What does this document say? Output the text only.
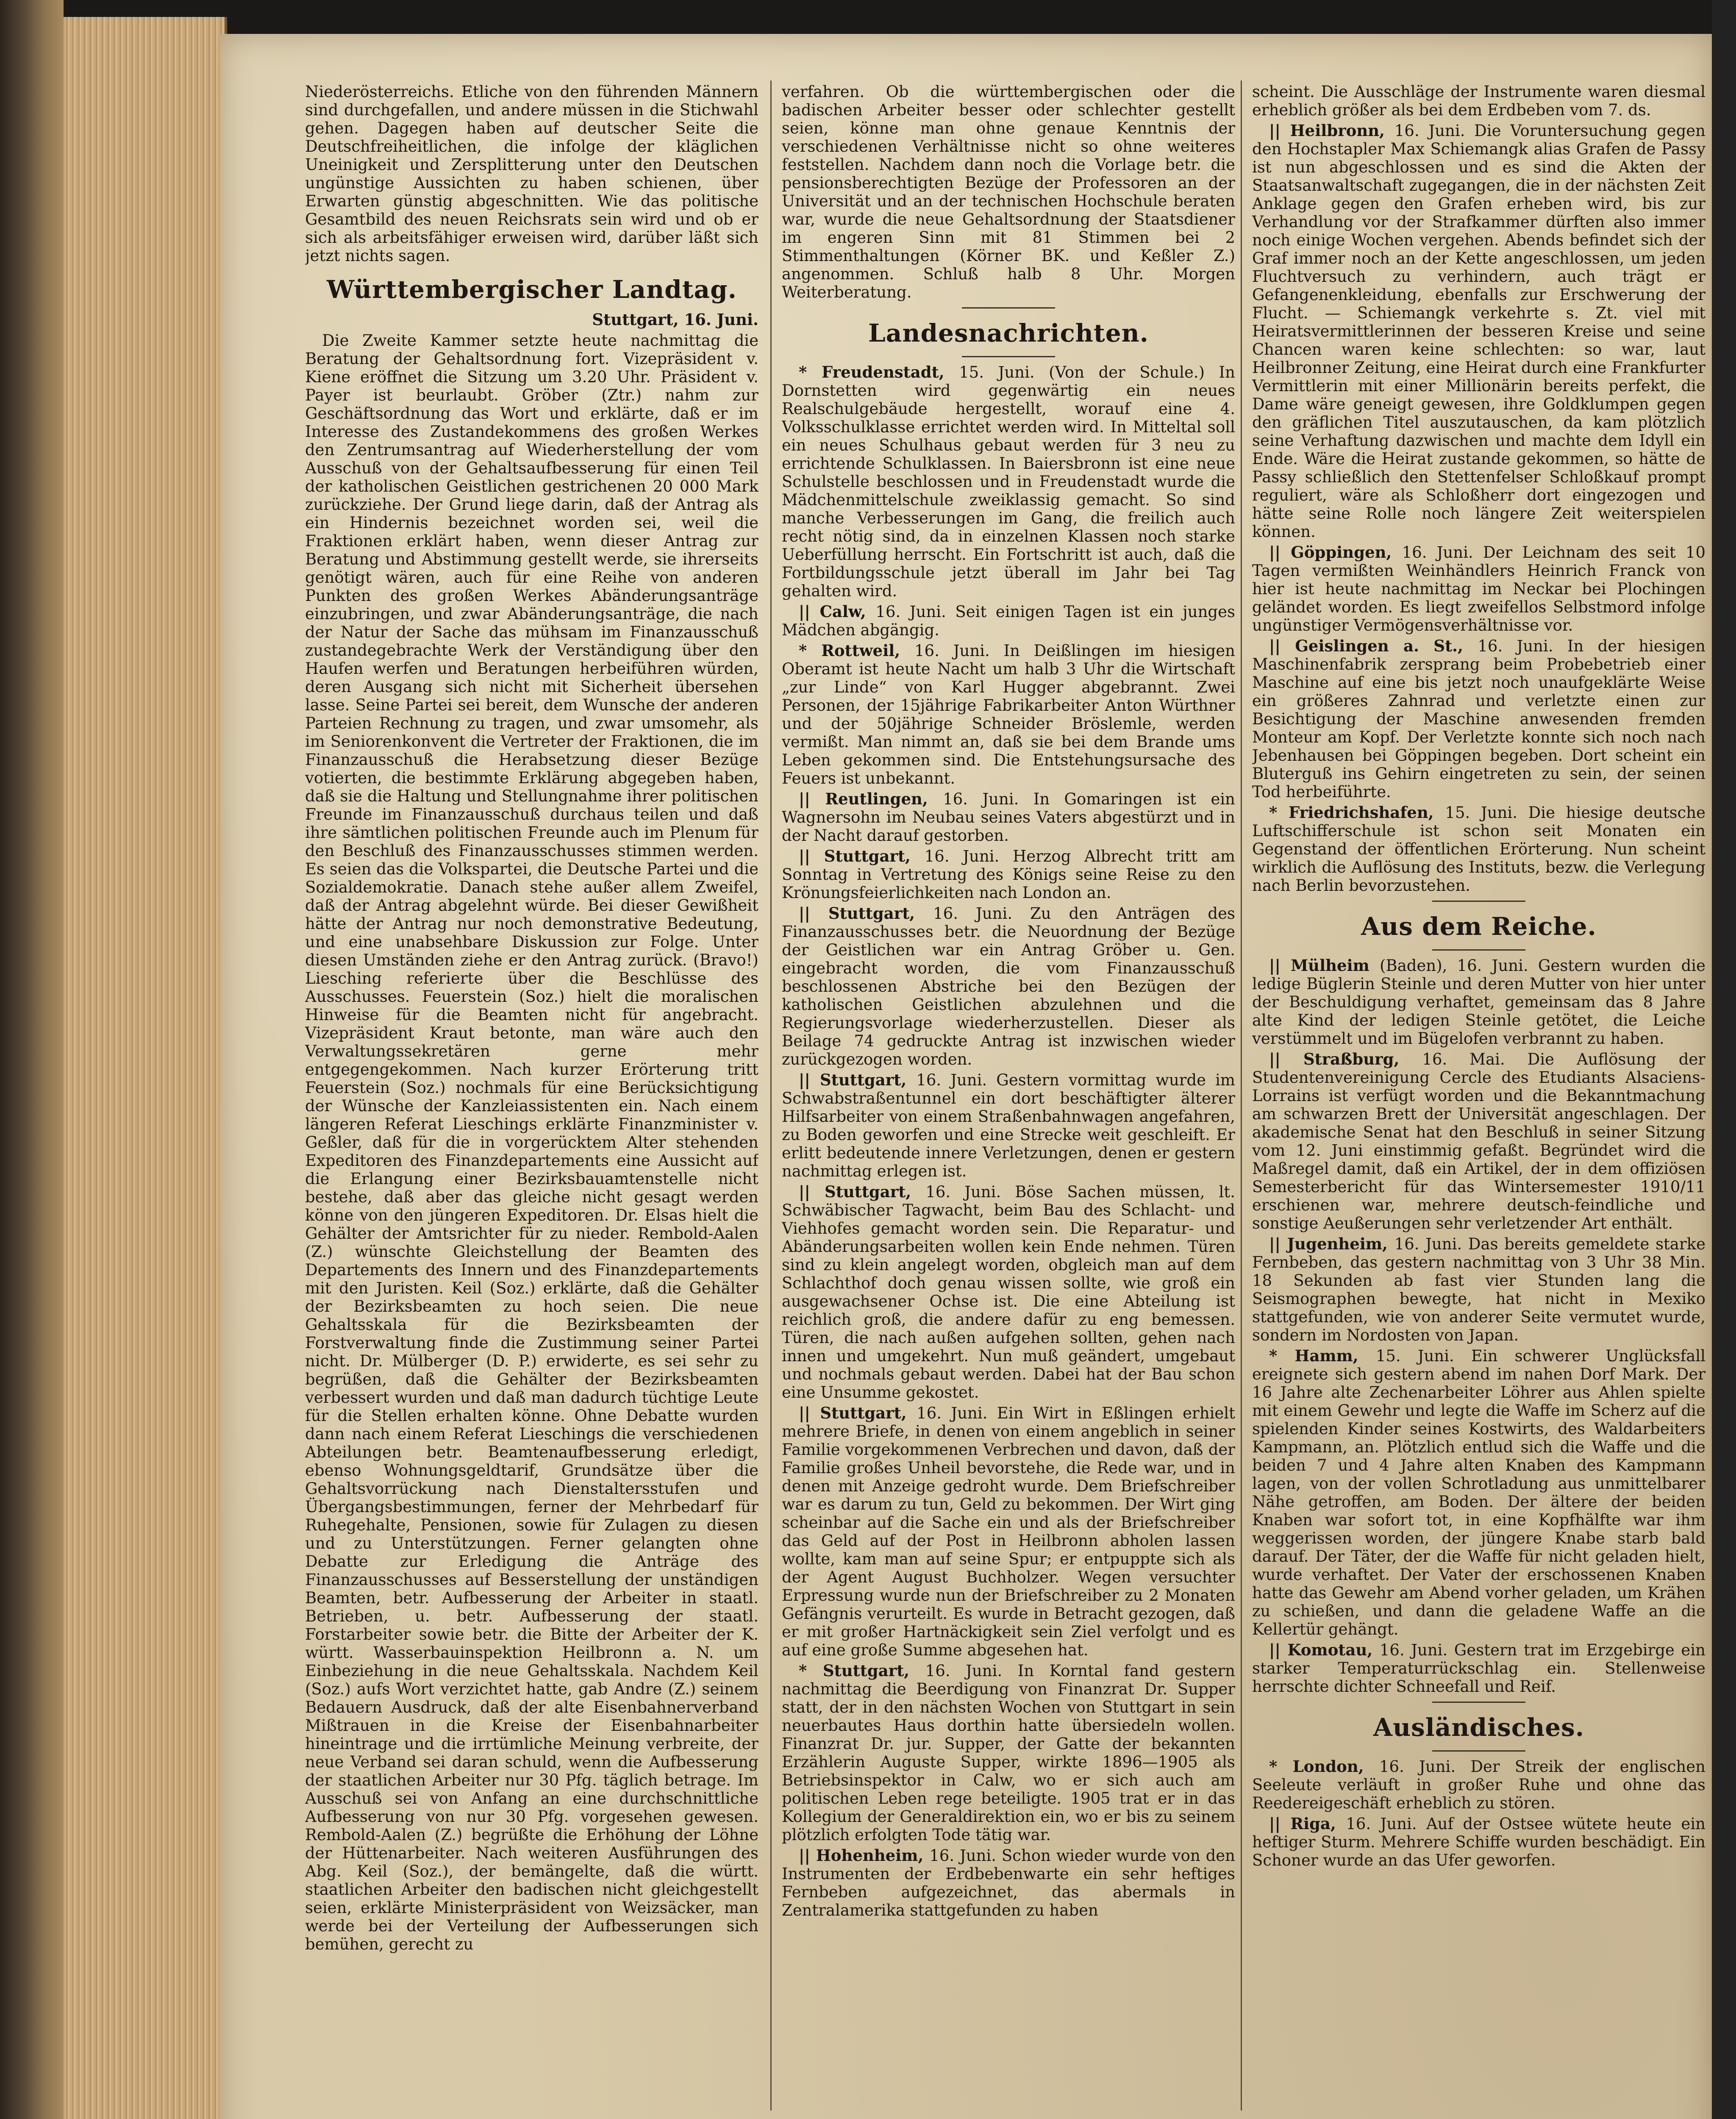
Niederösterreichs. Etliche von den führenden Männern sind durchgefallen, und andere müssen in die Stichwahl gehen. Dagegen haben auf deutscher Seite die Deutschfreiheitlichen, die infolge der kläglichen Uneinigkeit und Zersplitterung unter den Deutschen ungünstige Aussichten zu haben schienen, über Erwarten günstig abgeschnitten. Wie das politische Gesamtbild des neuen Reichsrats sein wird und ob er sich als arbeitsfähiger erweisen wird, darüber läßt sich jetzt nichts sagen.

Württembergischer Landtag.
Stuttgart, 16. Juni.

Die Zweite Kammer setzte heute nachmittag die Beratung der Gehaltsordnung fort. Vizepräsident v. Kiene eröffnet die Sitzung um 3.20 Uhr. Präsident v. Payer ist beurlaubt. Gröber (Ztr.) nahm zur Geschäftsordnung das Wort und erklärte, daß er im Interesse des Zustandekommens des großen Werkes den Zentrumsantrag auf Wiederherstellung der vom Ausschuß von der Gehaltsaufbesserung für einen Teil der katholischen Geistlichen gestrichenen 20 000 Mark zurückziehe. Der Grund liege darin, daß der Antrag als ein Hindernis bezeichnet worden sei, weil die Fraktionen erklärt haben, wenn dieser Antrag zur Beratung und Abstimmung gestellt werde, sie ihrerseits genötigt wären, auch für eine Reihe von anderen Punkten des großen Werkes Abänderungsanträge einzubringen, und zwar Abänderungsanträge, die nach der Natur der Sache das mühsam im Finanzausschuß zustandegebrachte Werk der Verständigung über den Haufen werfen und Beratungen herbeiführen würden, deren Ausgang sich nicht mit Sicherheit übersehen lasse. Seine Partei sei bereit, dem Wunsche der anderen Parteien Rechnung zu tragen, und zwar umsomehr, als im Seniorenkonvent die Vertreter der Fraktionen, die im Finanzausschuß die Herabsetzung dieser Bezüge votierten, die bestimmte Erklärung abgegeben haben, daß sie die Haltung und Stellungnahme ihrer politischen Freunde im Finanzausschuß durchaus teilen und daß ihre sämtlichen politischen Freunde auch im Plenum für den Beschluß des Finanzausschusses stimmen werden. Es seien das die Volkspartei, die Deutsche Partei und die Sozialdemokratie. Danach stehe außer allem Zweifel, daß der Antrag abgelehnt würde. Bei dieser Gewißheit hätte der Antrag nur noch demonstrative Bedeutung, und eine unabsehbare Diskussion zur Folge. Unter diesen Umständen ziehe er den Antrag zurück. (Bravo!) Liesching referierte über die Beschlüsse des Ausschusses. Feuerstein (Soz.) hielt die moralischen Hinweise für die Beamten nicht für angebracht. Vizepräsident Kraut betonte, man wäre auch den Verwaltungssekretären gerne mehr entgegengekommen. Nach kurzer Erörterung tritt Feuerstein (Soz.) nochmals für eine Berücksichtigung der Wünsche der Kanzleiassistenten ein. Nach einem längeren Referat Lieschings erklärte Finanzminister v. Geßler, daß für die in vorgerücktem Alter stehenden Expeditoren des Finanzdepartements eine Aussicht auf die Erlangung einer Bezirksbauamtenstelle nicht bestehe, daß aber das gleiche nicht gesagt werden könne von den jüngeren Expeditoren. Dr. Elsas hielt die Gehälter der Amtsrichter für zu nieder. Rembold-Aalen (Z.) wünschte Gleichstellung der Beamten des Departements des Innern und des Finanzdepartements mit den Juristen. Keil (Soz.) erklärte, daß die Gehälter der Bezirksbeamten zu hoch seien. Die neue Gehaltsskala für die Bezirksbeamten der Forstverwaltung finde die Zustimmung seiner Partei nicht. Dr. Mülberger (D. P.) erwiderte, es sei sehr zu begrüßen, daß die Gehälter der Bezirksbeamten verbessert wurden und daß man dadurch tüchtige Leute für die Stellen erhalten könne. Ohne Debatte wurden dann nach einem Referat Lieschings die verschiedenen Abteilungen betr. Beamtenaufbesserung erledigt, ebenso Wohnungsgeldtarif, Grundsätze über die Gehaltsvorrückung nach Dienstaltersstufen und Übergangsbestimmungen, ferner der Mehrbedarf für Ruhegehalte, Pensionen, sowie für Zulagen zu diesen und zu Unterstützungen. Ferner gelangten ohne Debatte zur Erledigung die Anträge des Finanzausschusses auf Besserstellung der unständigen Beamten, betr. Aufbesserung der Arbeiter in staatl. Betrieben, u. betr. Aufbesserung der staatl. Forstarbeiter sowie betr. die Bitte der Arbeiter der K. württ. Wasserbauinspektion Heilbronn a. N. um Einbeziehung in die neue Gehaltsskala. Nachdem Keil (Soz.) aufs Wort verzichtet hatte, gab Andre (Z.) seinem Bedauern Ausdruck, daß der alte Eisenbahnerverband Mißtrauen in die Kreise der Eisenbahnarbeiter hineintrage und die irrtümliche Meinung verbreite, der neue Verband sei daran schuld, wenn die Aufbesserung der staatlichen Arbeiter nur 30 Pfg. täglich betrage. Im Ausschuß sei von Anfang an eine durchschnittliche Aufbesserung von nur 30 Pfg. vorgesehen gewesen. Rembold-Aalen (Z.) begrüßte die Erhöhung der Löhne der Hüttenarbeiter. Nach weiteren Ausführungen des Abg. Keil (Soz.), der bemängelte, daß die württ. staatlichen Arbeiter den badischen nicht gleichgestellt seien, erklärte Ministerpräsident von Weizsäcker, man werde bei der Verteilung der Aufbesserungen sich bemühen, gerecht zu

verfahren. Ob die württembergischen oder die badischen Arbeiter besser oder schlechter gestellt seien, könne man ohne genaue Kenntnis der verschiedenen Verhältnisse nicht so ohne weiteres feststellen. Nachdem dann noch die Vorlage betr. die pensionsberechtigten Bezüge der Professoren an der Universität und an der technischen Hochschule beraten war, wurde die neue Gehaltsordnung der Staatsdiener im engeren Sinn mit 81 Stimmen bei 2 Stimmenthaltungen (Körner BK. und Keßler Z.) angenommen. Schluß halb 8 Uhr. Morgen Weiterberatung.

Landesnachrichten.

* Freudenstadt, 15. Juni. (Von der Schule.) In Dornstetten wird gegenwärtig ein neues Realschulgebäude hergestellt, worauf eine 4. Volksschulklasse errichtet werden wird. In Mitteltal soll ein neues Schulhaus gebaut werden für 3 neu zu errichtende Schulklassen. In Baiersbronn ist eine neue Schulstelle beschlossen und in Freudenstadt wurde die Mädchenmittelschule zweiklassig gemacht. So sind manche Verbesserungen im Gang, die freilich auch recht nötig sind, da in einzelnen Klassen noch starke Ueberfüllung herrscht. Ein Fortschritt ist auch, daß die Fortbildungsschule jetzt überall im Jahr bei Tag gehalten wird.

|| Calw, 16. Juni. Seit einigen Tagen ist ein junges Mädchen abgängig.

* Rottweil, 16. Juni. In Deißlingen im hiesigen Oberamt ist heute Nacht um halb 3 Uhr die Wirtschaft „zur Linde“ von Karl Hugger abgebrannt. Zwei Personen, der 15jährige Fabrikarbeiter Anton Würthner und der 50jährige Schneider Bröslemle, werden vermißt. Man nimmt an, daß sie bei dem Brande ums Leben gekommen sind. Die Entstehungsursache des Feuers ist unbekannt.

|| Reutlingen, 16. Juni. In Gomaringen ist ein Wagnersohn im Neubau seines Vaters abgestürzt und in der Nacht darauf gestorben.

|| Stuttgart, 16. Juni. Herzog Albrecht tritt am Sonntag in Vertretung des Königs seine Reise zu den Krönungsfeierlichkeiten nach London an.

|| Stuttgart, 16. Juni. Zu den Anträgen des Finanzausschusses betr. die Neuordnung der Bezüge der Geistlichen war ein Antrag Gröber u. Gen. eingebracht worden, die vom Finanzausschuß beschlossenen Abstriche bei den Bezügen der katholischen Geistlichen abzulehnen und die Regierungsvorlage wiederherzustellen. Dieser als Beilage 74 gedruckte Antrag ist inzwischen wieder zurückgezogen worden.

|| Stuttgart, 16. Juni. Gestern vormittag wurde im Schwabstraßentunnel ein dort beschäftigter älterer Hilfsarbeiter von einem Straßenbahnwagen angefahren, zu Boden geworfen und eine Strecke weit geschleift. Er erlitt bedeutende innere Verletzungen, denen er gestern nachmittag erlegen ist.

|| Stuttgart, 16. Juni. Böse Sachen müssen, lt. Schwäbischer Tagwacht, beim Bau des Schlacht- und Viehhofes gemacht worden sein. Die Reparatur- und Abänderungsarbeiten wollen kein Ende nehmen. Türen sind zu klein angelegt worden, obgleich man auf dem Schlachthof doch genau wissen sollte, wie groß ein ausgewachsener Ochse ist. Die eine Abteilung ist reichlich groß, die andere dafür zu eng bemessen. Türen, die nach außen aufgehen sollten, gehen nach innen und umgekehrt. Nun muß geändert, umgebaut und nochmals gebaut werden. Dabei hat der Bau schon eine Unsumme gekostet.

|| Stuttgart, 16. Juni. Ein Wirt in Eßlingen erhielt mehrere Briefe, in denen von einem angeblich in seiner Familie vorgekommenen Verbrechen und davon, daß der Familie großes Unheil bevorstehe, die Rede war, und in denen mit Anzeige gedroht wurde. Dem Briefschreiber war es darum zu tun, Geld zu bekommen. Der Wirt ging scheinbar auf die Sache ein und als der Briefschreiber das Geld auf der Post in Heilbronn abholen lassen wollte, kam man auf seine Spur; er entpuppte sich als der Agent August Buchholzer. Wegen versuchter Erpressung wurde nun der Briefschreiber zu 2 Monaten Gefängnis verurteilt. Es wurde in Betracht gezogen, daß er mit großer Hartnäckigkeit sein Ziel verfolgt und es auf eine große Summe abgesehen hat.

* Stuttgart, 16. Juni. In Korntal fand gestern nachmittag die Beerdigung von Finanzrat Dr. Supper statt, der in den nächsten Wochen von Stuttgart in sein neuerbautes Haus dorthin hatte übersiedeln wollen. Finanzrat Dr. jur. Supper, der Gatte der bekannten Erzählerin Auguste Supper, wirkte 1896—1905 als Betriebsinspektor in Calw, wo er sich auch am politischen Leben rege beteiligte. 1905 trat er in das Kollegium der Generaldirektion ein, wo er bis zu seinem plötzlich erfolgten Tode tätig war.

|| Hohenheim, 16. Juni. Schon wieder wurde von den Instrumenten der Erdbebenwarte ein sehr heftiges Fernbeben aufgezeichnet, das abermals in Zentralamerika stattgefunden zu haben

scheint. Die Ausschläge der Instrumente waren diesmal erheblich größer als bei dem Erdbeben vom 7. ds.

|| Heilbronn, 16. Juni. Die Voruntersuchung gegen den Hochstapler Max Schiemangk alias Grafen de Passy ist nun abgeschlossen und es sind die Akten der Staatsanwaltschaft zugegangen, die in der nächsten Zeit Anklage gegen den Grafen erheben wird, bis zur Verhandlung vor der Strafkammer dürften also immer noch einige Wochen vergehen. Abends befindet sich der Graf immer noch an der Kette angeschlossen, um jeden Fluchtversuch zu verhindern, auch trägt er Gefangenenkleidung, ebenfalls zur Erschwerung der Flucht. — Schiemangk verkehrte s. Zt. viel mit Heiratsvermittlerinnen der besseren Kreise und seine Chancen waren keine schlechten: so war, laut Heilbronner Zeitung, eine Heirat durch eine Frankfurter Vermittlerin mit einer Millionärin bereits perfekt, die Dame wäre geneigt gewesen, ihre Goldklumpen gegen den gräflichen Titel auszutauschen, da kam plötzlich seine Verhaftung dazwischen und machte dem Idyll ein Ende. Wäre die Heirat zustande gekommen, so hätte de Passy schließlich den Stettenfelser Schloßkauf prompt reguliert, wäre als Schloßherr dort eingezogen und hätte seine Rolle noch längere Zeit weiterspielen können.

|| Göppingen, 16. Juni. Der Leichnam des seit 10 Tagen vermißten Weinhändlers Heinrich Franck von hier ist heute nachmittag im Neckar bei Plochingen geländet worden. Es liegt zweifellos Selbstmord infolge ungünstiger Vermögensverhältnisse vor.

|| Geislingen a. St., 16. Juni. In der hiesigen Maschinenfabrik zersprang beim Probebetrieb einer Maschine auf eine bis jetzt noch unaufgeklärte Weise ein größeres Zahnrad und verletzte einen zur Besichtigung der Maschine anwesenden fremden Monteur am Kopf. Der Verletzte konnte sich noch nach Jebenhausen bei Göppingen begeben. Dort scheint ein Bluterguß ins Gehirn eingetreten zu sein, der seinen Tod herbeiführte.

* Friedrichshafen, 15. Juni. Die hiesige deutsche Luftschifferschule ist schon seit Monaten ein Gegenstand der öffentlichen Erörterung. Nun scheint wirklich die Auflösung des Instituts, bezw. die Verlegung nach Berlin bevorzustehen.

Aus dem Reiche.

|| Mülheim (Baden), 16. Juni. Gestern wurden die ledige Büglerin Steinle und deren Mutter von hier unter der Beschuldigung verhaftet, gemeinsam das 8 Jahre alte Kind der ledigen Steinle getötet, die Leiche verstümmelt und im Bügelofen verbrannt zu haben.

|| Straßburg, 16. Mai. Die Auflösung der Studentenvereinigung Cercle des Etudiants Alsaciens-Lorrains ist verfügt worden und die Bekanntmachung am schwarzen Brett der Universität angeschlagen. Der akademische Senat hat den Beschluß in seiner Sitzung vom 12. Juni einstimmig gefaßt. Begründet wird die Maßregel damit, daß ein Artikel, der in dem offiziösen Semesterbericht für das Wintersemester 1910/11 erschienen war, mehrere deutsch-feindliche und sonstige Aeußerungen sehr verletzender Art enthält.

|| Jugenheim, 16. Juni. Das bereits gemeldete starke Fernbeben, das gestern nachmittag von 3 Uhr 38 Min. 18 Sekunden ab fast vier Stunden lang die Seismographen bewegte, hat nicht in Mexiko stattgefunden, wie von anderer Seite vermutet wurde, sondern im Nordosten von Japan.

* Hamm, 15. Juni. Ein schwerer Unglücksfall ereignete sich gestern abend im nahen Dorf Mark. Der 16 Jahre alte Zechenarbeiter Löhrer aus Ahlen spielte mit einem Gewehr und legte die Waffe im Scherz auf die spielenden Kinder seines Kostwirts, des Waldarbeiters Kampmann, an. Plötzlich entlud sich die Waffe und die beiden 7 und 4 Jahre alten Knaben des Kampmann lagen, von der vollen Schrotladung aus unmittelbarer Nähe getroffen, am Boden. Der ältere der beiden Knaben war sofort tot, in eine Kopfhälfte war ihm weggerissen worden, der jüngere Knabe starb bald darauf. Der Täter, der die Waffe für nicht geladen hielt, wurde verhaftet. Der Vater der erschossenen Knaben hatte das Gewehr am Abend vorher geladen, um Krähen zu schießen, und dann die geladene Waffe an die Kellertür gehängt.

|| Komotau, 16. Juni. Gestern trat im Erzgebirge ein starker Temperaturrückschlag ein. Stellenweise herrschte dichter Schneefall und Reif.

Ausländisches.

* London, 16. Juni. Der Streik der englischen Seeleute verläuft in großer Ruhe und ohne das Reedereigeschäft erheblich zu stören.

|| Riga, 16. Juni. Auf der Ostsee wütete heute ein heftiger Sturm. Mehrere Schiffe wurden beschädigt. Ein Schoner wurde an das Ufer geworfen.
